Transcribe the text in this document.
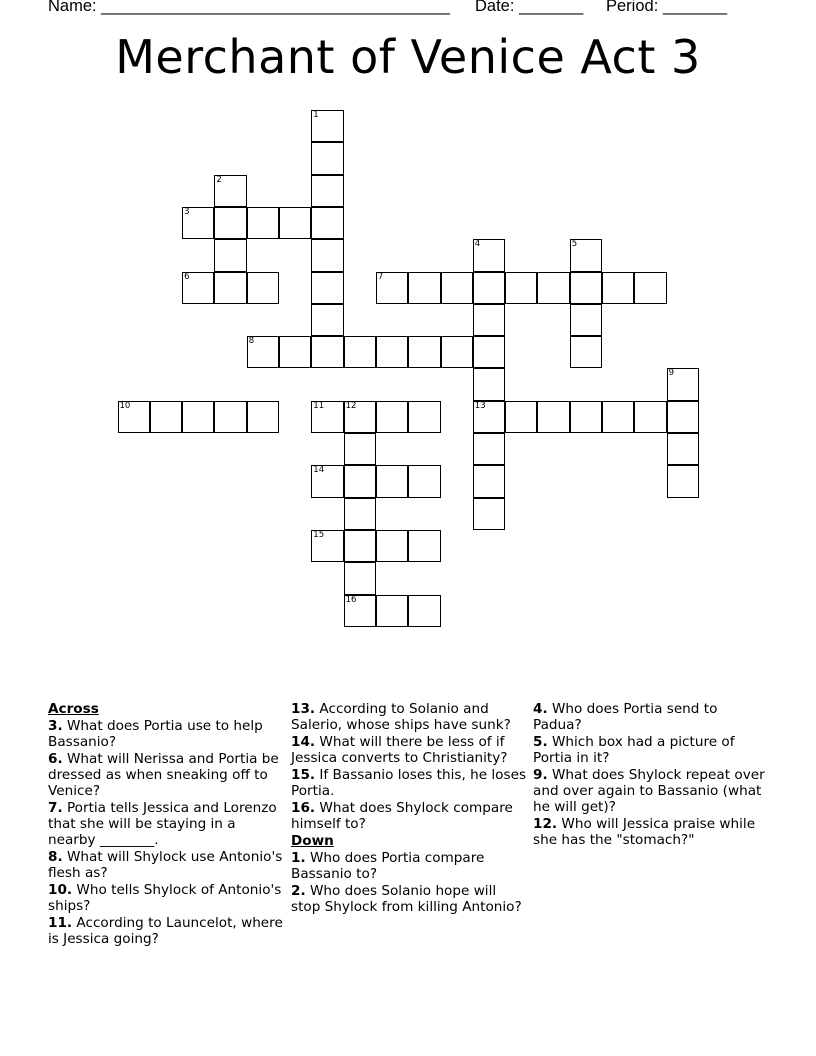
Name: ______________________________________ Date: _______ Period: _______
Merchant of Venice Act 3
1
2
3
4
13
5
6	7
8
9
10	11	12
16
14
15
Across
3. What does Portia use to help Bassanio?
6. What will Nerissa and Portia be dressed as when sneaking off to Venice?
7. Portia tells Jessica and Lorenzo that she will be staying in a nearby ________.
8. What will Shylock use Antonio's flesh as?
10. Who tells Shylock of Antonio's ships?
11. According to Launcelot, where is Jessica going?
13. According to Solanio and Salerio, whose ships have sunk?
14. What will there be less of if Jessica converts to Christianity?
15. If Bassanio loses this, he loses Portia.
16. What does Shylock compare himself to?
Down
1. Who does Portia compare Bassanio to?
2. Who does Solanio hope will stop Shylock from killing Antonio?
4. Who does Portia send to Padua?
5. Which box had a picture of Portia in it?
9. What does Shylock repeat over and over again to Bassanio (what he will get)?
12. Who will Jessica praise while she has the "stomach?"
